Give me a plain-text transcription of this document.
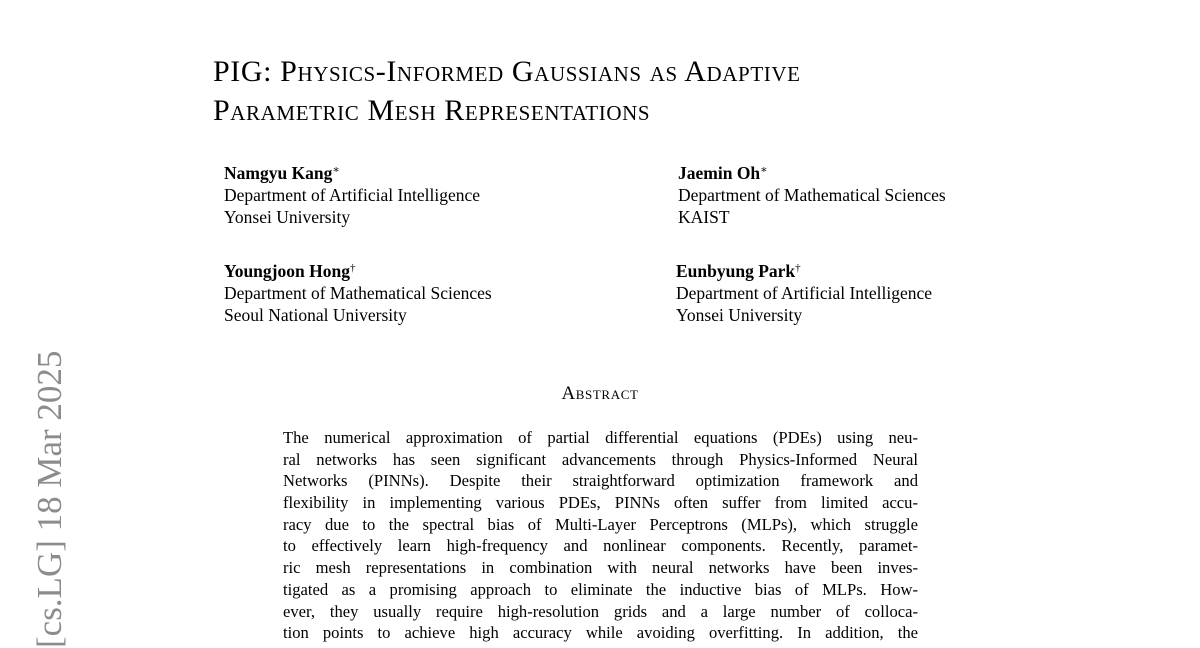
[cs.LG] 18 Mar 2025
PIG: Physics-Informed Gaussians as Adaptive
Parametric Mesh Representations
Namgyu Kang∗
Department of Artificial Intelligence
Yonsei University
Jaemin Oh∗
Department of Mathematical Sciences
KAIST
Youngjoon Hong†
Department of Mathematical Sciences
Seoul National University
Eunbyung Park†
Department of Artificial Intelligence
Yonsei University
Abstract
The numerical approximation of partial differential equations (PDEs) using neu-
ral networks has seen significant advancements through Physics-Informed Neural
Networks (PINNs). Despite their straightforward optimization framework and
flexibility in implementing various PDEs, PINNs often suffer from limited accu-
racy due to the spectral bias of Multi-Layer Perceptrons (MLPs), which struggle
to effectively learn high-frequency and nonlinear components. Recently, paramet-
ric mesh representations in combination with neural networks have been inves-
tigated as a promising approach to eliminate the inductive bias of MLPs. How-
ever, they usually require high-resolution grids and a large number of colloca-
tion points to achieve high accuracy while avoiding overfitting. In addition, the
